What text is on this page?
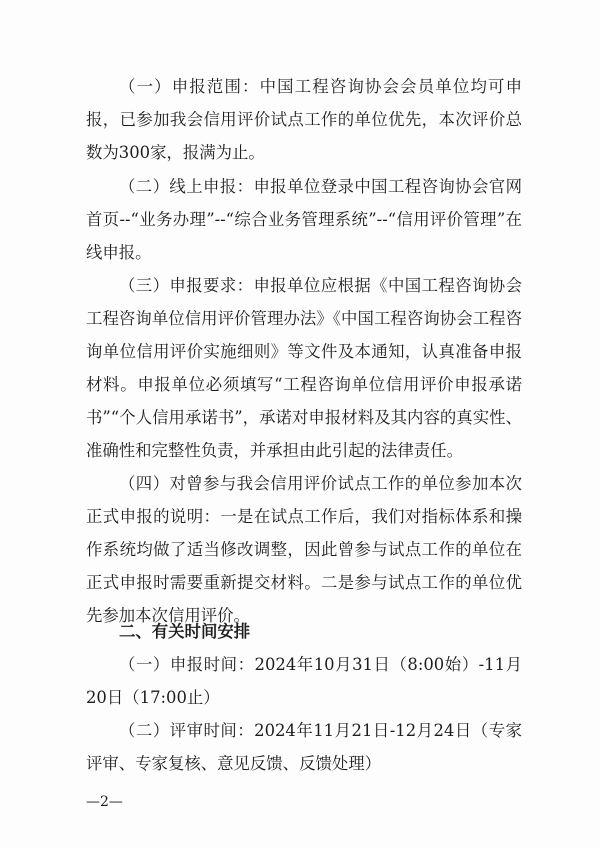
（一）申报范围：中国工程咨询协会会员单位均可申报，已参加我会信用评价试点工作的单位优先，本次评价总数为300家，报满为止。

（二）线上申报：申报单位登录中国工程咨询协会官网首页--“业务办理”--“综合业务管理系统”--“信用评价管理”在线申报。

（三）申报要求：申报单位应根据《中国工程咨询协会工程咨询单位信用评价管理办法》《中国工程咨询协会工程咨询单位信用评价实施细则》等文件及本通知，认真准备申报材料。申报单位必须填写“工程咨询单位信用评价申报承诺书”“个人信用承诺书”，承诺对申报材料及其内容的真实性、准确性和完整性负责，并承担由此引起的法律责任。

（四）对曾参与我会信用评价试点工作的单位参加本次正式申报的说明：一是在试点工作后，我们对指标体系和操作系统均做了适当修改调整，因此曾参与试点工作的单位在正式申报时需要重新提交材料。二是参与试点工作的单位优先参加本次信用评价。

二、有关时间安排

（一）申报时间：2024年10月31日（8:00始）-11月20日（17:00止）

（二）评审时间：2024年11月21日-12月24日（专家评审、专家复核、意见反馈、反馈处理）

—2—
